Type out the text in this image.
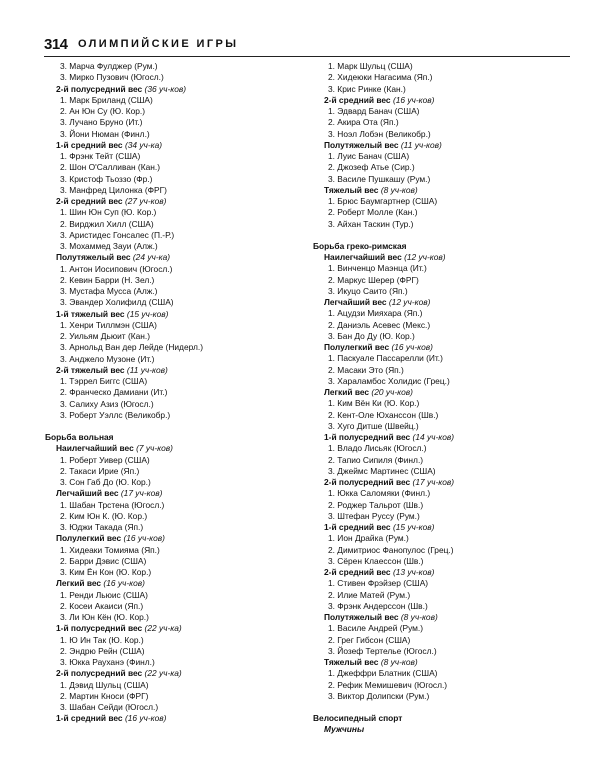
314 ОЛИМПИЙСКИЕ ИГРЫ
3. Марча Фулджер (Рум.)
3. Мирко Пузович (Югосл.)
2-й полусредний вес (36 уч-ков)
1. Марк Бриланд (США)
2. Ан Юн Су (Ю. Кор.)
3. Лучано Бруно (Ит.)
3. Йони Нюман (Финл.)
1-й средний вес (34 уч-ка)
1. Фрэнк Тейт (США)
2. Шон О'Салливан (Кан.)
3. Кристоф Тьоззо (Фр.)
3. Манфред Цилонка (ФРГ)
2-й средний вес (27 уч-ков)
1. Шин Юн Суп (Ю. Кор.)
2. Вирджил Хилл (США)
3. Аристидес Гонсалес (П.-Р.)
3. Мохаммед Зауи (Алж.)
Полутяжелый вес (24 уч-ка)
1. Антон Иосипович (Югосл.)
2. Кевин Барри (Н. Зел.)
3. Мустафа Мусса (Алж.)
3. Эвандер Холифилд (США)
1-й тяжелый вес (15 уч-ков)
1. Хенри Тиллмэн (США)
2. Уильям Дьюит (Кан.)
3. Арнольд Ван дер Лейде (Нидерл.)
3. Анджело Музоне (Ит.)
2-й тяжелый вес (11 уч-ков)
1. Тэррел Биггс (США)
2. Франческо Дамиани (Ит.)
3. Салиху Азиз (Югосл.)
3. Роберт Уэллс (Великобр.)
Борьба вольная
Наилегчайший вес (7 уч-ков)
1. Роберт Уивер (США)
2. Такаси Ирие (Яп.)
3. Сон Габ До (Ю. Кор.)
Легчайший вес (17 уч-ков)
1. Шабан Трстена (Югосл.)
2. Ким Юн К. (Ю. Кор.)
3. Юджи Такада (Яп.)
Полулегкий вес (16 уч-ков)
1. Хидеаки Томияма (Яп.)
2. Барри Дэвис (США)
3. Ким Ён Кон (Ю. Кор.)
Легкий вес (16 уч-ков)
1. Ренди Льюис (США)
2. Косеи Акаиси (Яп.)
3. Ли Юн Кён (Ю. Кор.)
1-й полусредний вес (22 уч-ка)
1. Ю Ин Так (Ю. Кор.)
2. Эндрю Рейн (США)
3. Юкка Рауханэ (Финл.)
2-й полусредний вес (22 уч-ка)
1. Дэвид Шульц (США)
2. Мартин Кноси (ФРГ)
3. Шабан Сейди (Югосл.)
1-й средний вес (16 уч-ков)
1. Марк Шульц (США)
2. Хидеюки Нагасима (Яп.)
3. Крис Ринке (Кан.)
2-й средний вес (16 уч-ков)
1. Эдвард Банач (США)
2. Акира Ота (Яп.)
3. Ноэл Лобэн (Великобр.)
Полутяжелый вес (11 уч-ков)
1. Луис Банач (США)
2. Джозеф Атье (Сир.)
3. Василе Пушкашу (Рум.)
Тяжелый вес (8 уч-ков)
1. Брюс Баумгартнер (США)
2. Роберт Молле (Кан.)
3. Айхан Таскин (Тур.)
Борьба греко-римская
Наилегчайший вес (12 уч-ков)
1. Винченцо Маэнца (Ит.)
2. Маркус Шерер (ФРГ)
3. Икуцо Саито (Яп.)
Легчайший вес (12 уч-ков)
1. Ацудзи Мияхара (Яп.)
2. Даниэль Асевес (Мекс.)
3. Бан До Ду (Ю. Кор.)
Полулегкий вес (16 уч-ков)
1. Паскуале Пассарелли (Ит.)
2. Масаки Это (Яп.)
3. Хараламбос Холидис (Грец.)
Легкий вес (20 уч-ков)
1. Ким Вён Ки (Ю. Кор.)
2. Кент-Оле Юханссон (Шв.)
3. Хуго Дитше (Швейц.)
1-й полусредний вес (14 уч-ков)
1. Владо Лисьяк (Югосл.)
2. Тапио Сипиля (Финл.)
3. Джеймс Мартинес (США)
2-й полусредний вес (17 уч-ков)
1. Юкка Саломяки (Финл.)
2. Роджер Тальрот (Шв.)
3. Штефан Руссу (Рум.)
1-й средний вес (15 уч-ков)
1. Ион Драйка (Рум.)
2. Димитриос Фанопулос (Грец.)
3. Сёрен Клаессон (Шв.)
2-й средний вес (13 уч-ков)
1. Стивен Фрэйзер (США)
2. Илие Матей (Рум.)
3. Фрэнк Андерссон (Шв.)
Полутяжелый вес (8 уч-ков)
1. Василе Андрей (Рум.)
2. Грег Гибсон (США)
3. Йозеф Тертелье (Югосл.)
Тяжелый вес (8 уч-ков)
1. Джеффри Блатник (США)
2. Рефик Мемишевич (Югосл.)
3. Виктор Долипски (Рум.)
Велосипедный спорт
Мужчины
